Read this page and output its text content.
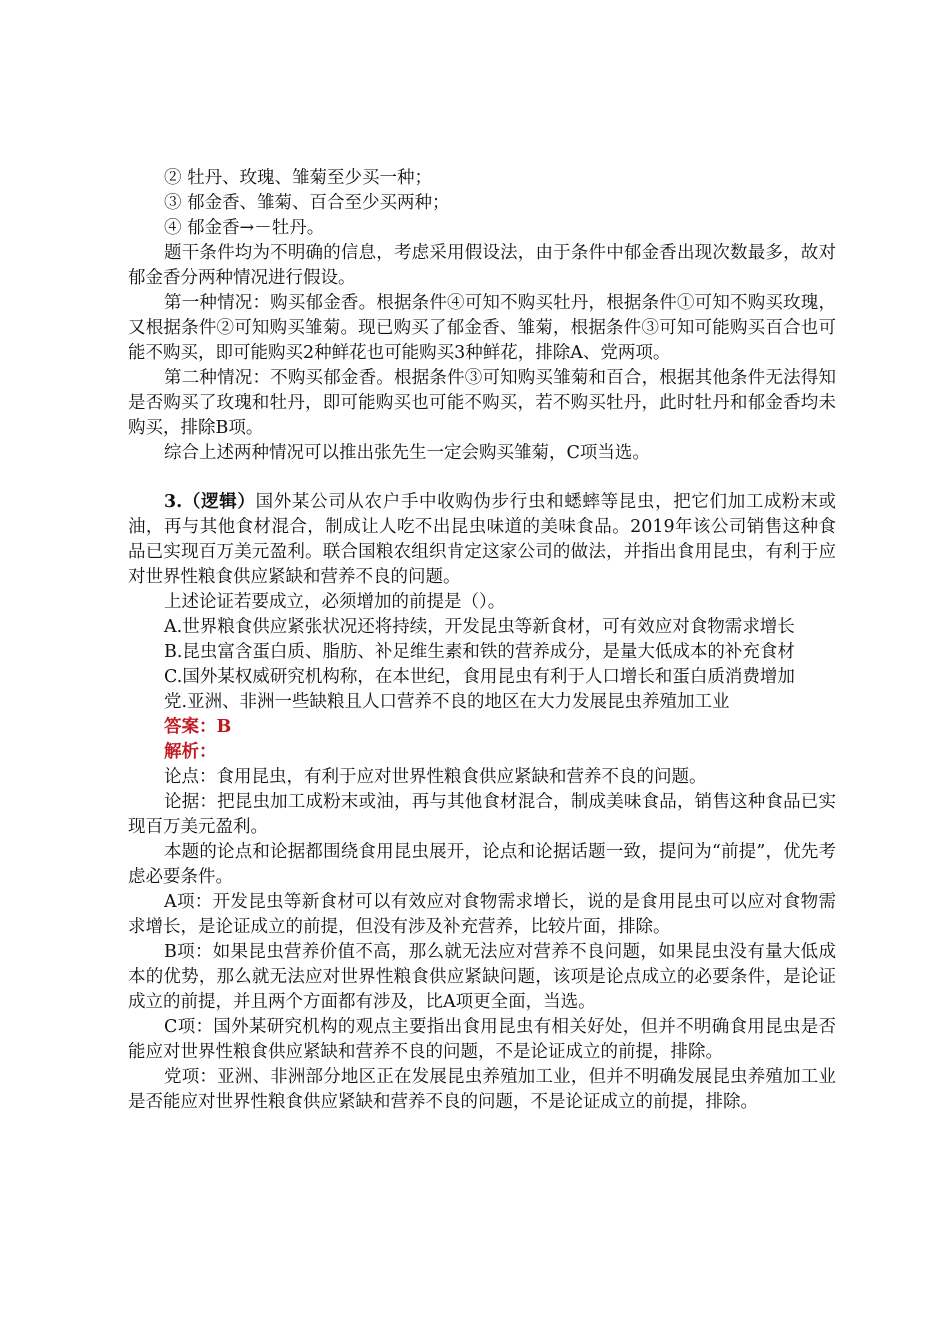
② 牡丹、玫瑰、雏菊至少买一种；

③ 郁金香、雏菊、百合至少买两种；

④ 郁金香→－牡丹。

题干条件均为不明确的信息，考虑采用假设法，由于条件中郁金香出现次数最多，故对郁金香分两种情况进行假设。

第一种情况：购买郁金香。根据条件④可知不购买牡丹，根据条件①可知不购买玫瑰，又根据条件②可知购买雏菊。现已购买了郁金香、雏菊，根据条件③可知可能购买百合也可能不购买，即可能购买2种鲜花也可能购买3种鲜花，排除A、党两项。

第二种情况：不购买郁金香。根据条件③可知购买雏菊和百合，根据其他条件无法得知是否购买了玫瑰和牡丹，即可能购买也可能不购买，若不购买牡丹，此时牡丹和郁金香均未购买，排除B项。

综合上述两种情况可以推出张先生一定会购买雏菊，C项当选。

3.（逻辑）国外某公司从农户手中收购伪步行虫和蟋蟀等昆虫，把它们加工成粉末或油，再与其他食材混合，制成让人吃不出昆虫味道的美味食品。2019年该公司销售这种食品已实现百万美元盈利。联合国粮农组织肯定这家公司的做法，并指出食用昆虫，有利于应对世界性粮食供应紧缺和营养不良的问题。

上述论证若要成立，必须增加的前提是（）。

A.世界粮食供应紧张状况还将持续，开发昆虫等新食材，可有效应对食物需求增长

B.昆虫富含蛋白质、脂肪、补足维生素和铁的营养成分，是量大低成本的补充食材

C.国外某权威研究机构称，在本世纪，食用昆虫有利于人口增长和蛋白质消费增加

党.亚洲、非洲一些缺粮且人口营养不良的地区在大力发展昆虫养殖加工业

答案：B

解析：

论点：食用昆虫，有利于应对世界性粮食供应紧缺和营养不良的问题。

论据：把昆虫加工成粉末或油，再与其他食材混合，制成美味食品，销售这种食品已实现百万美元盈利。

本题的论点和论据都围绕食用昆虫展开，论点和论据话题一致，提问为“前提”，优先考虑必要条件。

A项：开发昆虫等新食材可以有效应对食物需求增长，说的是食用昆虫可以应对食物需求增长，是论证成立的前提，但没有涉及补充营养，比较片面，排除。

B项：如果昆虫营养价值不高，那么就无法应对营养不良问题，如果昆虫没有量大低成本的优势，那么就无法应对世界性粮食供应紧缺问题，该项是论点成立的必要条件，是论证成立的前提，并且两个方面都有涉及，比A项更全面，当选。

C项：国外某研究机构的观点主要指出食用昆虫有相关好处，但并不明确食用昆虫是否能应对世界性粮食供应紧缺和营养不良的问题，不是论证成立的前提，排除。

党项：亚洲、非洲部分地区正在发展昆虫养殖加工业，但并不明确发展昆虫养殖加工业是否能应对世界性粮食供应紧缺和营养不良的问题，不是论证成立的前提，排除。
